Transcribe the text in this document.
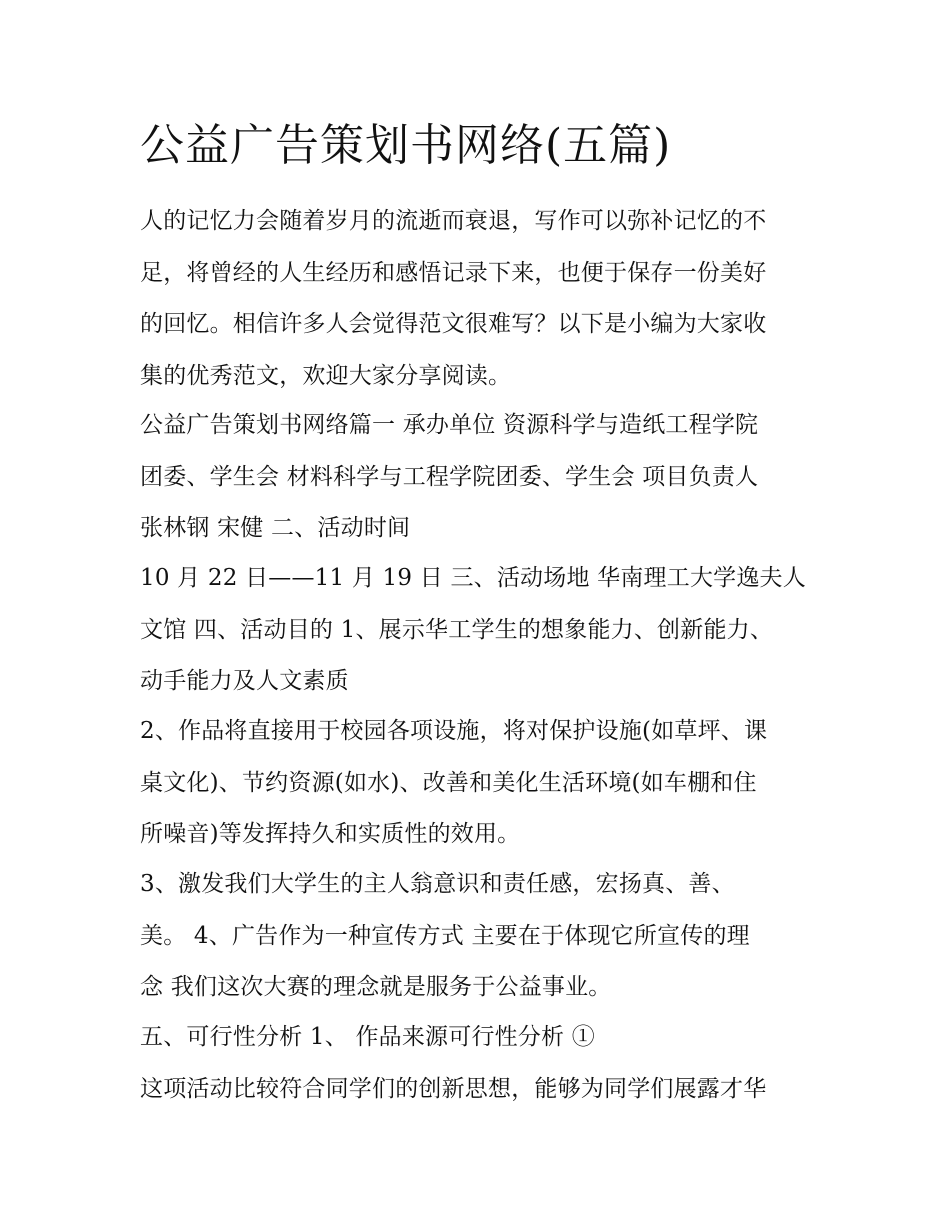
公益广告策划书网络(五篇)
人的记忆力会随着岁月的流逝而衰退，写作可以弥补记忆的不
足，将曾经的人生经历和感悟记录下来，也便于保存一份美好
的回忆。相信许多人会觉得范文很难写？以下是小编为大家收
集的优秀范文，欢迎大家分享阅读。
公益广告策划书网络篇一 承办单位 资源科学与造纸工程学院
团委、学生会 材料科学与工程学院团委、学生会 项目负责人
张林钢 宋健 二、活动时间
10 月 22 日——11 月 19 日 三、活动场地 华南理工大学逸夫人
文馆 四、活动目的 1、展示华工学生的想象能力、创新能力、
动手能力及人文素质
2、作品将直接用于校园各项设施，将对保护设施(如草坪、课
桌文化)、节约资源(如水)、改善和美化生活环境(如车棚和住
所噪音)等发挥持久和实质性的效用。
3、激发我们大学生的主人翁意识和责任感，宏扬真、善、
美。 4、广告作为一种宣传方式 主要在于体现它所宣传的理
念 我们这次大赛的理念就是服务于公益事业。
五、可行性分析 1、 作品来源可行性分析 ①
这项活动比较符合同学们的创新思想，能够为同学们展露才华
